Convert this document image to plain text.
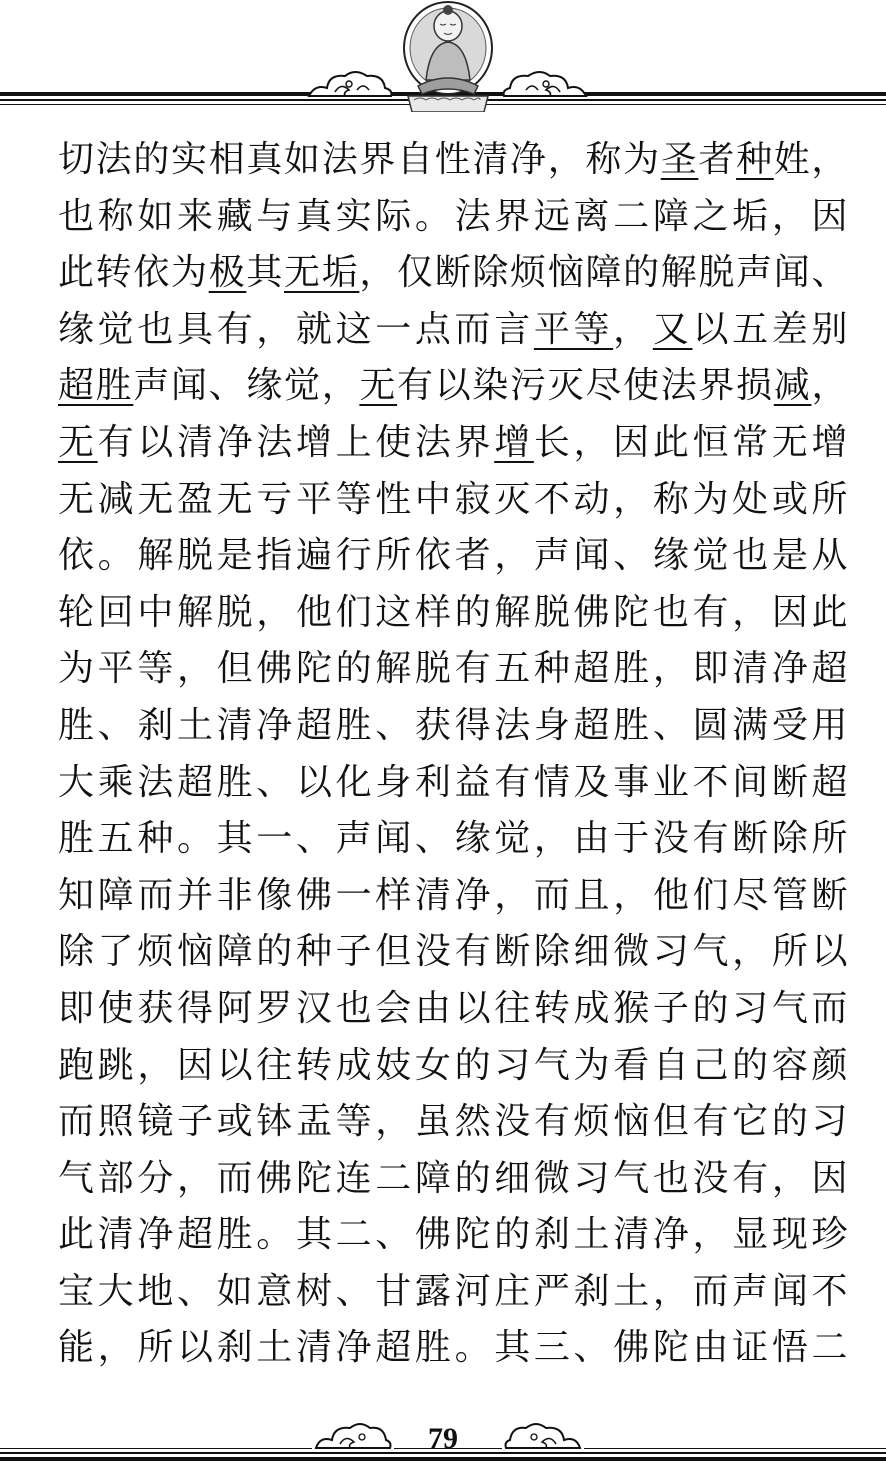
切法的实相真如法界自性清净，称为圣者种姓，
也称如来藏与真实际。法界远离二障之垢，因
此转依为极其无垢，仅断除烦恼障的解脱声闻、
缘觉也具有，就这一点而言平等，又以五差别
超胜声闻、缘觉，无有以染污灭尽使法界损减，
无有以清净法增上使法界增长，因此恒常无增
无减无盈无亏平等性中寂灭不动，称为处或所
依。解脱是指遍行所依者，声闻、缘觉也是从
轮回中解脱，他们这样的解脱佛陀也有，因此
为平等，但佛陀的解脱有五种超胜，即清净超
胜、刹土清净超胜、获得法身超胜、圆满受用
大乘法超胜、以化身利益有情及事业不间断超
胜五种。其一、声闻、缘觉，由于没有断除所
知障而并非像佛一样清净，而且，他们尽管断
除了烦恼障的种子但没有断除细微习气，所以
即使获得阿罗汉也会由以往转成猴子的习气而
跑跳，因以往转成妓女的习气为看自己的容颜
而照镜子或钵盂等，虽然没有烦恼但有它的习
气部分，而佛陀连二障的细微习气也没有，因
此清净超胜。其二、佛陀的刹土清净，显现珍
宝大地、如意树、甘露河庄严刹土，而声闻不
能，所以刹土清净超胜。其三、佛陀由证悟二
79
